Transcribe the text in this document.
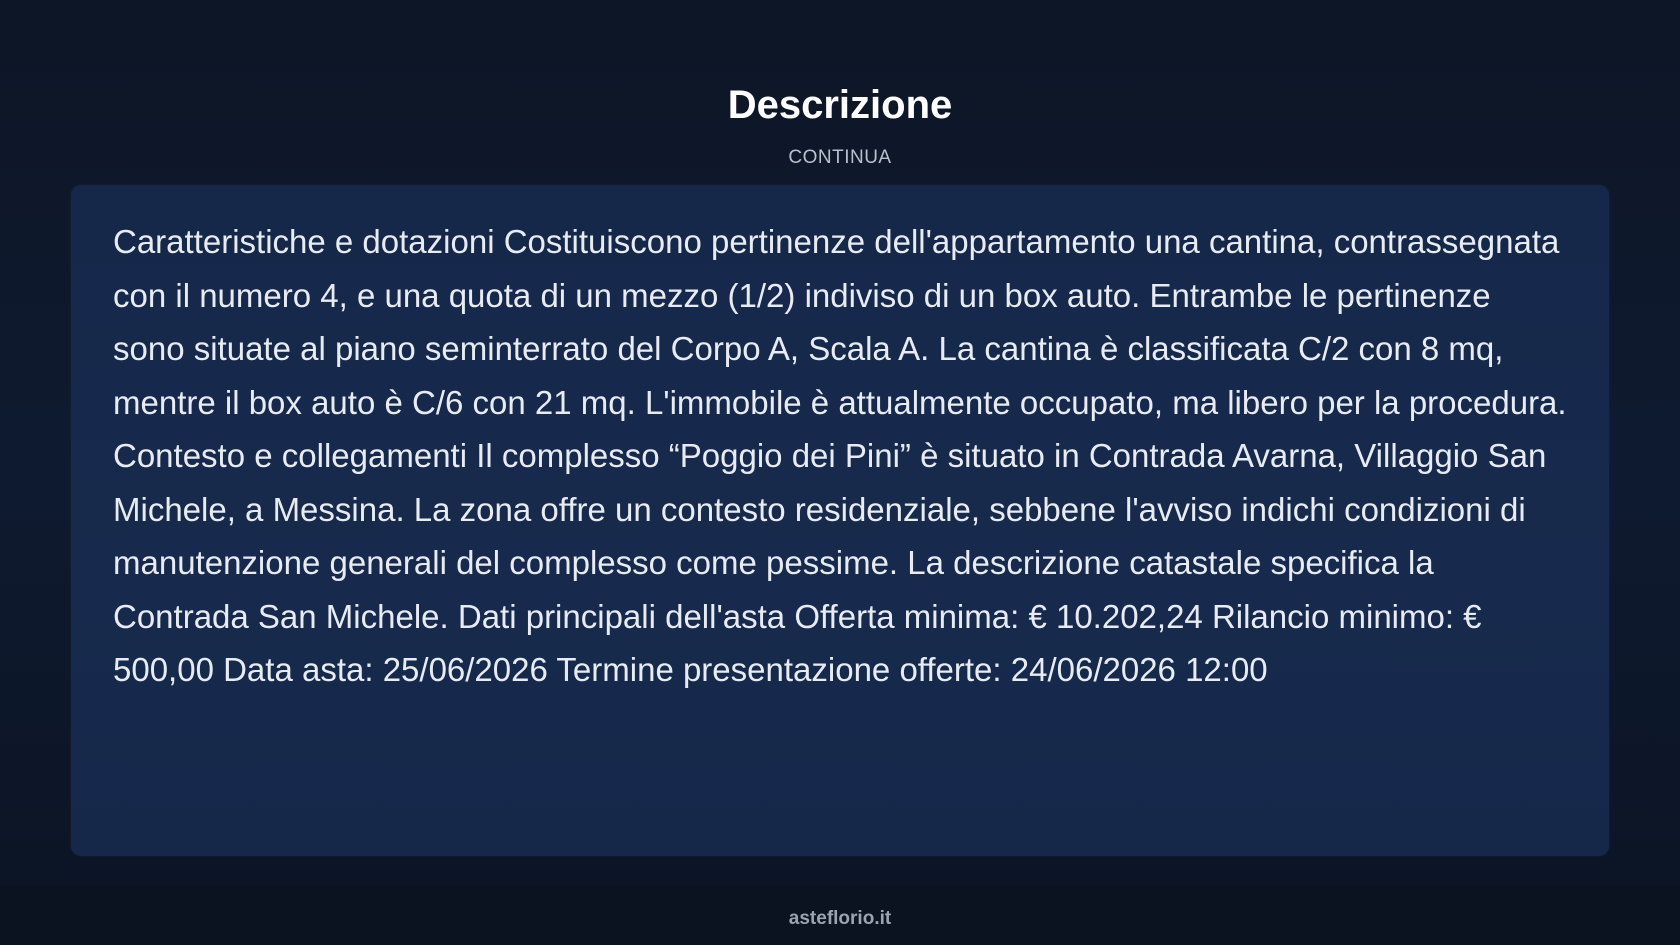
Descrizione
CONTINUA

Caratteristiche e dotazioni Costituiscono pertinenze dell'appartamento una cantina, contrassegnata con il numero 4, e una quota di un mezzo (1/2) indiviso di un box auto. Entrambe le pertinenze sono situate al piano seminterrato del Corpo A, Scala A. La cantina è classificata C/2 con 8 mq, mentre il box auto è C/6 con 21 mq. L'immobile è attualmente occupato, ma libero per la procedura. Contesto e collegamenti Il complesso “Poggio dei Pini” è situato in Contrada Avarna, Villaggio San Michele, a Messina. La zona offre un contesto residenziale, sebbene l'avviso indichi condizioni di manutenzione generali del complesso come pessime. La descrizione catastale specifica la Contrada San Michele. Dati principali dell'asta Offerta minima: € 10.202,24 Rilancio minimo: € 500,00 Data asta: 25/06/2026 Termine presentazione offerte: 24/06/2026 12:00

asteflorio.it
